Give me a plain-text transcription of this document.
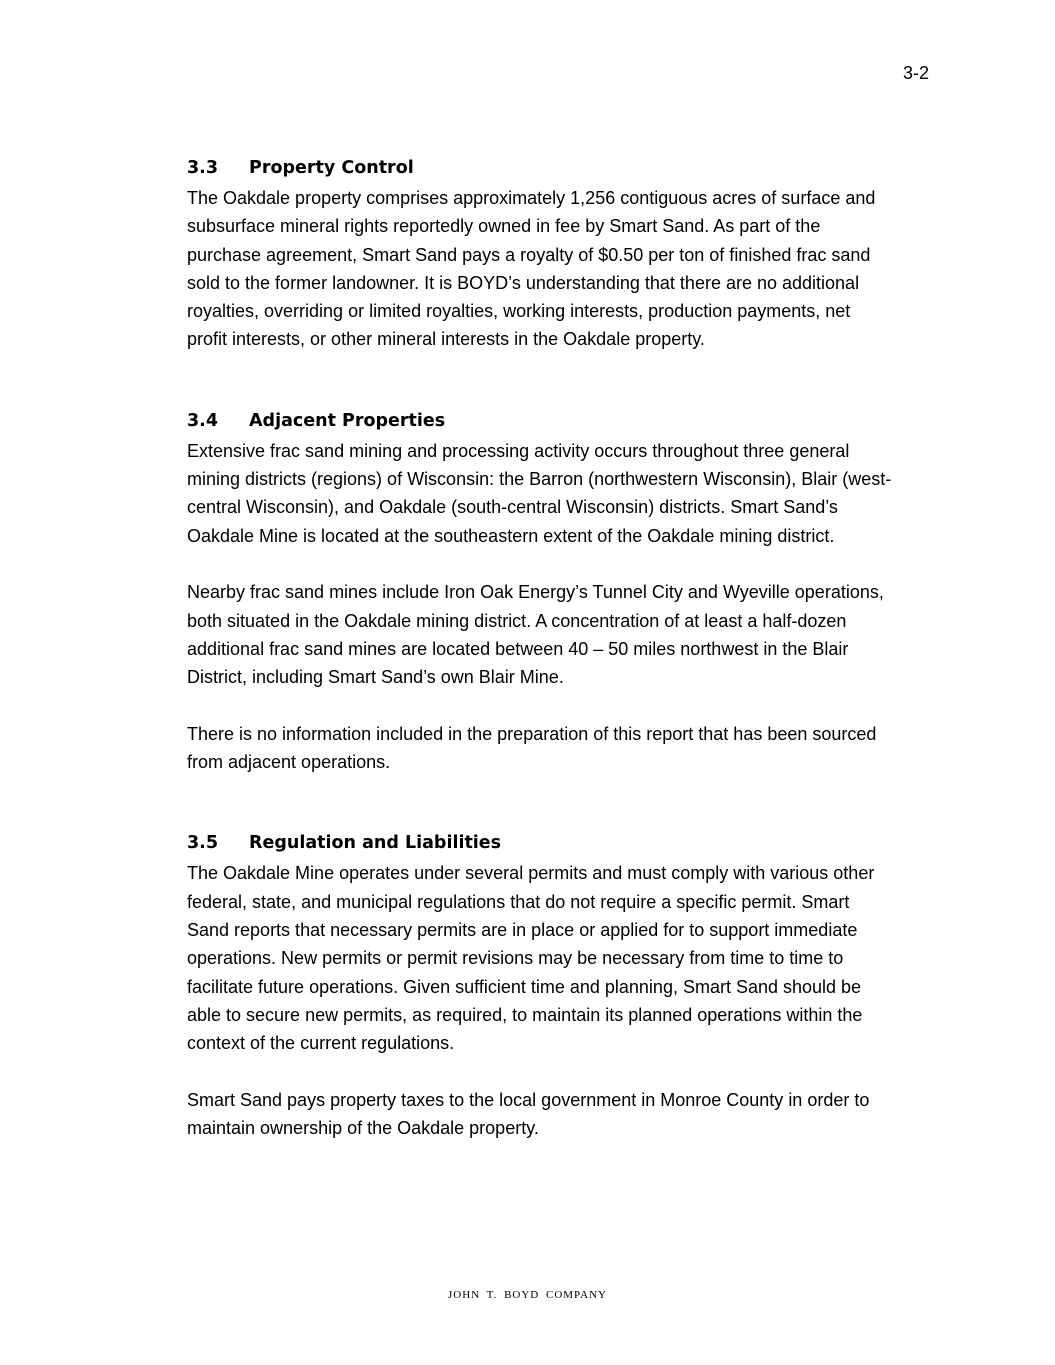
3-2
3.3	Property Control

The Oakdale property comprises approximately 1,256 contiguous acres of surface and
subsurface mineral rights reportedly owned in fee by Smart Sand. As part of the
purchase agreement, Smart Sand pays a royalty of $0.50 per ton of finished frac sand
sold to the former landowner. It is BOYD’s understanding that there are no additional
royalties, overriding or limited royalties, working interests, production payments, net
profit interests, or other mineral interests in the Oakdale property.

3.4	Adjacent Properties

Extensive frac sand mining and processing activity occurs throughout three general
mining districts (regions) of Wisconsin: the Barron (northwestern Wisconsin), Blair (west-
central Wisconsin), and Oakdale (south-central Wisconsin) districts. Smart Sand’s
Oakdale Mine is located at the southeastern extent of the Oakdale mining district.

Nearby frac sand mines include Iron Oak Energy’s Tunnel City and Wyeville operations,
both situated in the Oakdale mining district. A concentration of at least a half-dozen
additional frac sand mines are located between 40 – 50 miles northwest in the Blair
District, including Smart Sand’s own Blair Mine.

There is no information included in the preparation of this report that has been sourced
from adjacent operations.

3.5	Regulation and Liabilities

The Oakdale Mine operates under several permits and must comply with various other
federal, state, and municipal regulations that do not require a specific permit. Smart
Sand reports that necessary permits are in place or applied for to support immediate
operations. New permits or permit revisions may be necessary from time to time to
facilitate future operations. Given sufficient time and planning, Smart Sand should be
able to secure new permits, as required, to maintain its planned operations within the
context of the current regulations.

Smart Sand pays property taxes to the local government in Monroe County in order to
maintain ownership of the Oakdale property.

JOHN T. BOYD COMPANY
